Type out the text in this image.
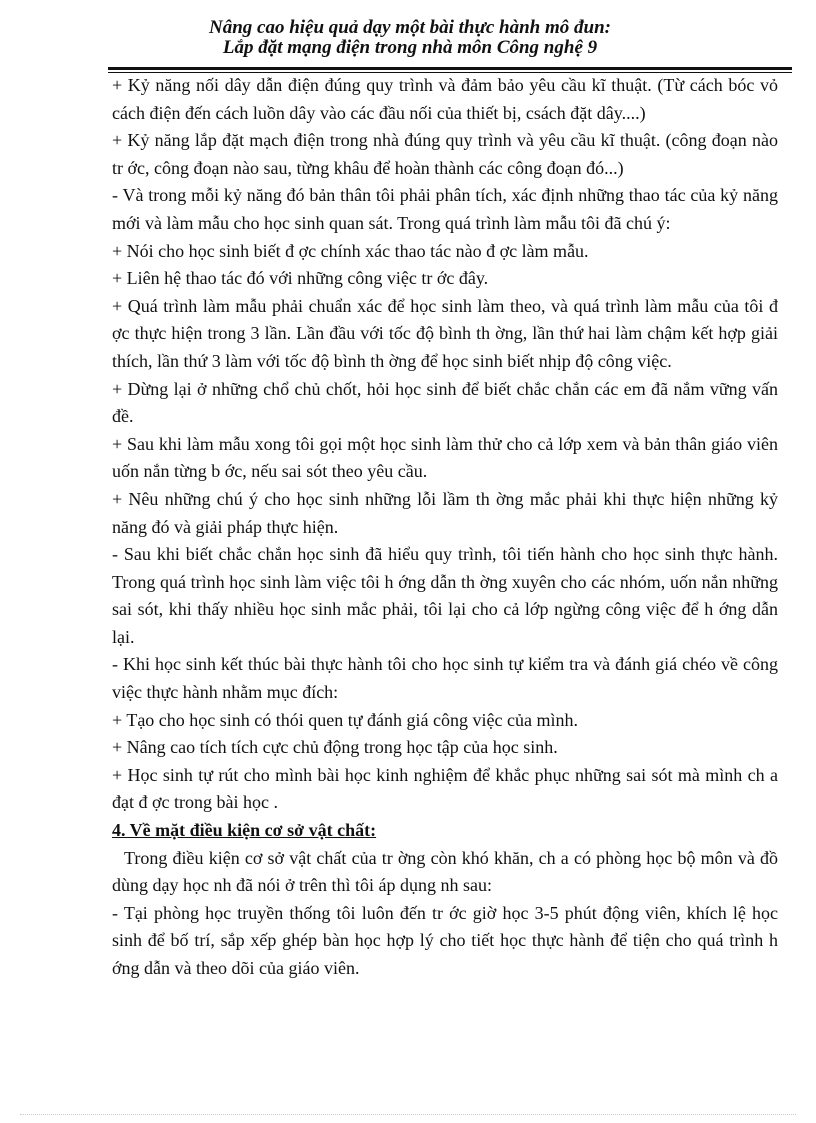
Nâng cao hiệu quả dạy một bài thực hành mô đun:
Lắp đặt mạng điện trong nhà môn Công nghệ 9

+ Kỷ năng nối dây dẫn điện đúng quy trình và đảm bảo yêu cầu kĩ thuật. (Từ cách bóc vỏ cách điện đến cách luồn dây vào các đầu nối của thiết bị, csách đặt dây....)

+ Kỷ năng lắp đặt mạch điện trong nhà đúng quy trình và yêu cầu kĩ thuật. (công đoạn nào tr ớc, công đoạn nào sau, từng khâu để hoàn thành các công đoạn đó...)

- Và trong mỗi kỷ năng đó bản thân tôi phải phân tích, xác định những thao tác của kỷ năng mới và làm mẫu cho học sinh quan sát. Trong quá trình làm mẫu tôi đã chú ý:

+ Nói cho học sinh biết đ ợc chính xác thao tác nào đ ợc làm mẫu.

+ Liên hệ thao tác đó với những công việc tr ớc đây.

+ Quá trình làm mẫu phải chuẩn xác để học sinh làm theo, và quá trình làm mẫu của tôi đ ợc thực hiện trong 3 lần. Lần đầu với tốc độ bình th ờng, lần thứ hai làm chậm kết hợp giải thích, lần thứ 3 làm với tốc độ bình th ờng để học sinh biết nhịp độ công việc.

+ Dừng lại ở những chổ chủ chốt, hỏi học sinh để biết chắc chắn các em đã nắm vững vấn đề.

+ Sau khi làm mẫu xong tôi gọi một học sinh làm thử cho cả lớp xem và bản thân giáo viên uốn nắn từng b ớc, nếu sai sót theo yêu cầu.

+ Nêu những chú ý cho học sinh những lỗi lầm th ờng mắc phải khi thực hiện những kỷ năng đó và giải pháp thực hiện.

- Sau khi biết chắc chắn học sinh đã hiểu quy trình, tôi tiến hành cho học sinh thực hành. Trong quá trình học sinh làm việc tôi h ớng dẫn th ờng xuyên cho các nhóm, uốn nắn những sai sót, khi thấy nhiều học sinh mắc phải, tôi lại cho cả lớp ngừng công việc để h ớng dẫn lại.

- Khi học sinh kết thúc bài thực hành tôi cho học sinh tự kiểm tra và đánh giá chéo về công việc thực hành nhằm mục đích:

+ Tạo cho học sinh có thói quen tự đánh giá công việc của mình.

+ Nâng cao tích tích cực chủ động trong học tập của học sinh.

+ Học sinh tự rút cho mình bài học kinh nghiệm để khắc phục những sai sót mà mình ch a đạt đ ợc trong bài học .

4. Về mặt điều kiện cơ sở vật chất:

Trong điều kiện cơ sở vật chất của tr ờng còn khó khăn, ch a có phòng học bộ môn và đồ dùng dạy học nh đã nói ở trên thì tôi áp dụng nh sau:

- Tại phòng học truyền thống tôi luôn đến tr ớc giờ học 3-5 phút động viên, khích lệ học sinh để bố trí, sắp xếp ghép bàn học hợp lý cho tiết học thực hành để tiện cho quá trình h ớng dẫn và theo dõi của giáo viên.
